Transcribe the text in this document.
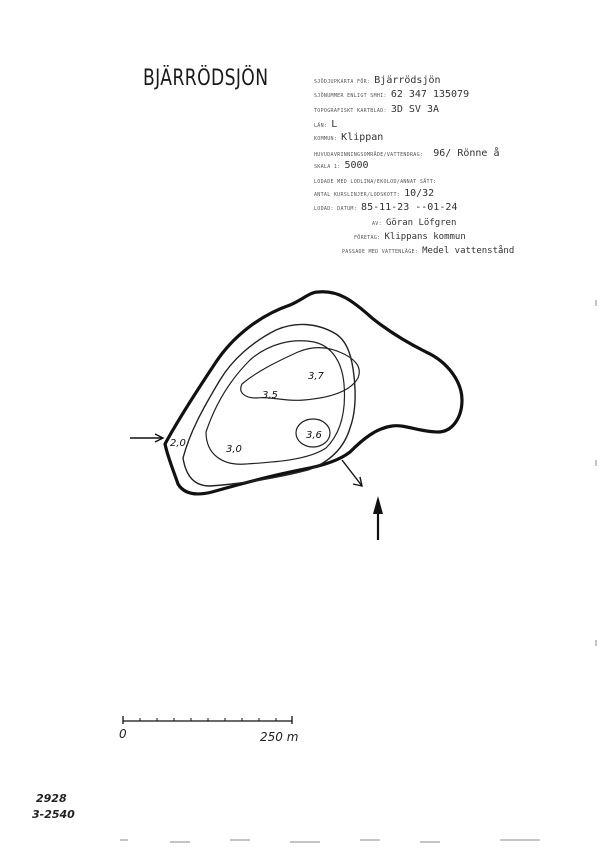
BJÄRRÖDSJÖN	SJÖDJUPKARTA FÖR: Bjärrödsjön
SJÖNUMMER ENLIGT SMHI: 62 347 135079
TOPOGRAFISKT KARTBLAD: 3D SV 3A
LÄN: L
KOMMUN: Klippan
HUVUDAVRINNINGSOMRÅDE/VATTENDRAG: 96/ Rönne å
SKALA 1: 5000
LODADE MED LODLINA/EKOLOD/ANNAT SÄTT:
ANTAL KURSLINJER/LODSKOTT: 10/32
LODAD: DATUM: 85-11-23 --01-24
AV: Göran Löfgren
FÖRETAG: Klippans kommun
PASSADE MED VATTENLÄGE: Medel vattenstånd
2,0
3,0
3,5
3,7
3,6
0	250 m
2928
3-2540
